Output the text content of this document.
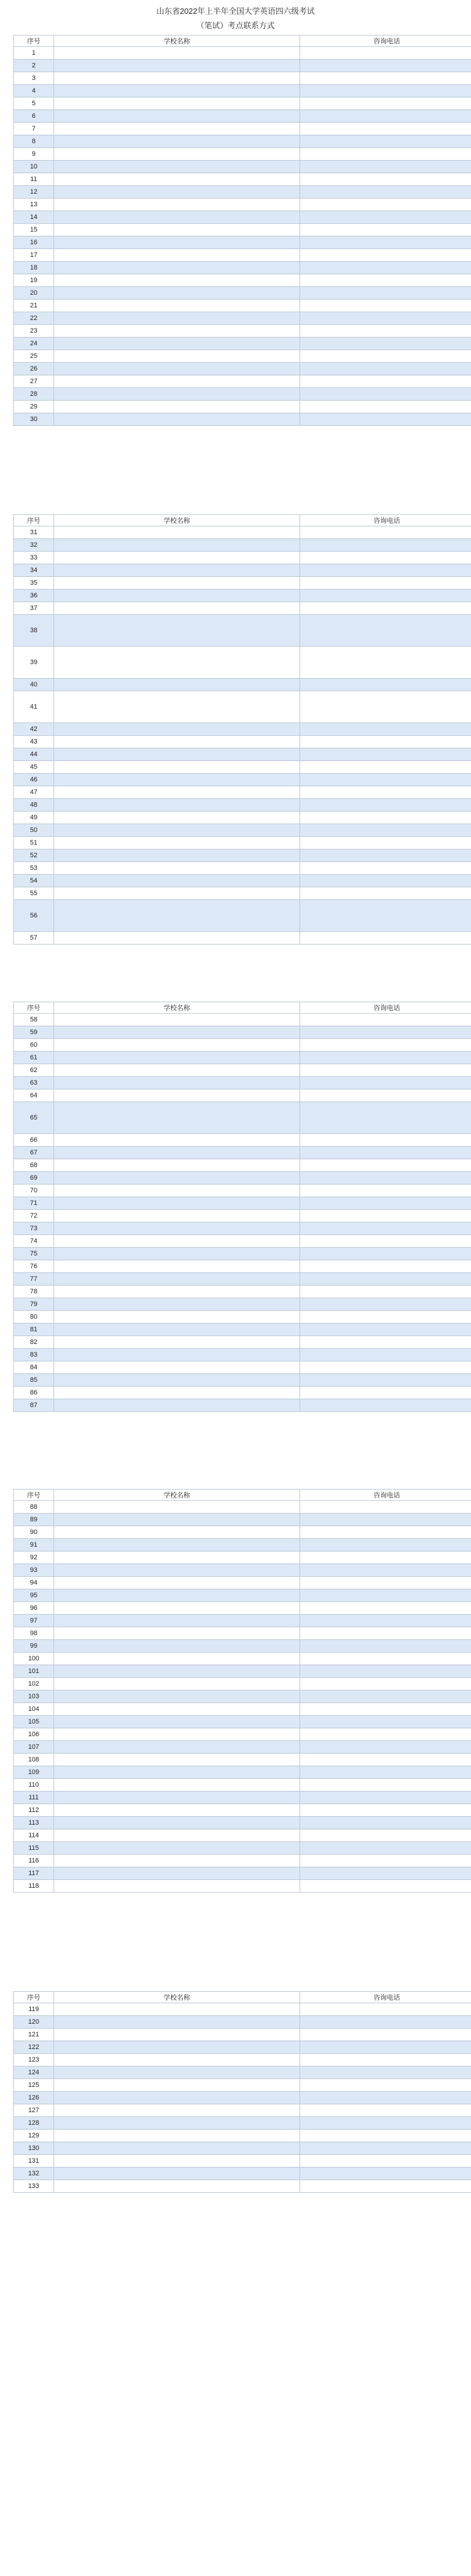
山东省2022年上半年全国大学英语四六级考试
（笔试）考点联系方式
序号	学校名称	咨询电话
1		
2		
3		
4		
5		
6		
7		
8		
9		
10		
11		
12		
13		
14		
15		
16		
17		
18		
19		
20		
21		
22		
23		
24		
25		
26		
27		
28		
29		
30		
序号	学校名称	咨询电话
31		
32		
33		
34		
35		
36		
37		
38		
39		
40		
41		
42		
43		
44		
45		
46		
47		
48		
49		
50		
51		
52		
53		
54		
55		
56		
57		
序号	学校名称	咨询电话
58		
59		
60		
61		
62		
63		
64		
65		
66		
67		
68		
69		
70		
71		
72		
73		
74		
75		
76		
77		
78		
79		
80		
81		
82		
83		
84		
85		
86		
87		
序号	学校名称	咨询电话
88		
89		
90		
91		
92		
93		
94		
95		
96		
97		
98		
99		
100		
101		
102		
103		
104		
105		
106		
107		
108		
109		
110		
111		
112		
113		
114		
115		
116		
117		
118		
序号	学校名称	咨询电话
119		
120		
121		
122		
123		
124		
125		
126		
127		
128		
129		
130		
131		
132		
133		
